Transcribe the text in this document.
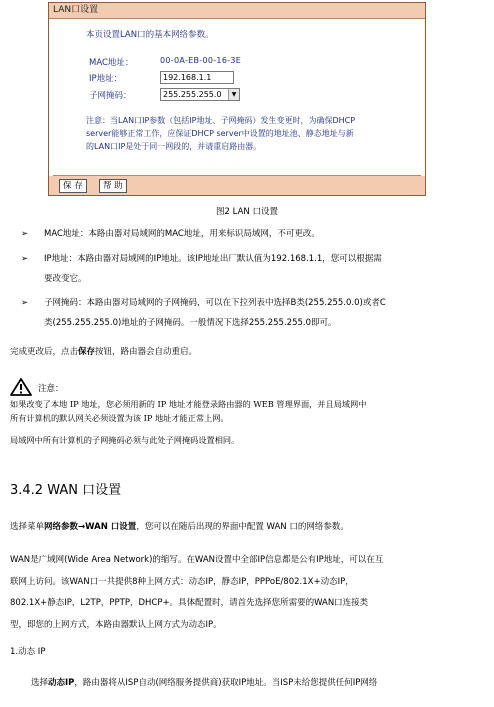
LAN口设置
本页设置LAN口的基本网络参数。
MAC地址：	00-0A-EB-00-16-3E
IP地址：	192.168.1.1
子网掩码：	255.255.255.0	▼
注意：当LAN口IP参数（包括IP地址、子网掩码）发生变更时，为确保DHCP
server能够正常工作，应保证DHCP server中设置的地址池、静态地址与新
的LAN口IP是处于同一网段的，并请重启路由器。
保 存	帮 助
图2 LAN 口设置
➢ MAC地址：本路由器对局域网的MAC地址，用来标识局域网，不可更改。
➢ IP地址：本路由器对局域网的IP地址。该IP地址出厂默认值为192.168.1.1，您可以根据需
要改变它。
➢ 子网掩码：本路由器对局域网的子网掩码，可以在下拉列表中选择B类(255.255.0.0)或者C
类(255.255.255.0)地址的子网掩码。一般情况下选择255.255.255.0即可。
完成更改后，点击保存按钮，路由器会自动重启。
注意：
如果改变了本地 IP 地址，您必须用新的 IP 地址才能登录路由器的 WEB 管理界面，并且局域网中
所有计算机的默认网关必须设置为该 IP 地址才能正常上网。
局域网中所有计算机的子网掩码必须与此处子网掩码设置相同。
3.4.2 WAN 口设置
选择菜单网络参数→WAN 口设置，您可以在随后出现的界面中配置 WAN 口的网络参数。
WAN是广域网(Wide Area Network)的缩写。在WAN设置中全部IP信息都是公有IP地址，可以在互
联网上访问。该WAN口一共提供8种上网方式：动态IP，静态IP，PPPoE/802.1X+动态IP，
802.1X+静态IP，L2TP，PPTP，DHCP+。具体配置时，请首先选择您所需要的WAN口连接类
型，即您的上网方式，本路由器默认上网方式为动态IP。
1.动态 IP
选择动态IP，路由器将从ISP自动(网络服务提供商)获取IP地址。当ISP未给您提供任何IP网络
